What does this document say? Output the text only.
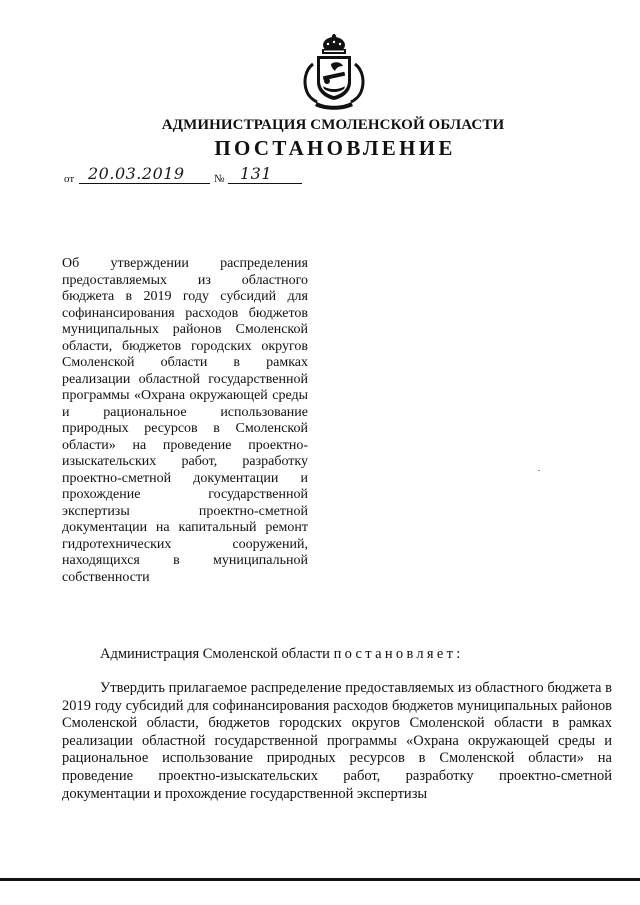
АДМИНИСТРАЦИЯ СМОЛЕНСКОЙ ОБЛАСТИ
ПОСТАНОВЛЕНИЕ
от 20.03.2019	№ 131
Об утверждении распределения предоставляемых из областного бюджета в 2019 году субсидий для софинансирования расходов бюджетов муниципальных районов Смоленской области, бюджетов городских округов Смоленской области в рамках реализации областной государственной программы «Охрана окружающей среды и рациональное использование природных ресурсов в Смоленской области» на проведение проектно-изыскательских работ, разработку проектно-сметной документации и прохождение государственной экспертизы проектно-сметной документации на капитальный ремонт гидротехнических сооружений, находящихся в муниципальной собственности
Администрация Смоленской области постановляет:
Утвердить прилагаемое распределение предоставляемых из областного бюджета в 2019 году субсидий для софинансирования расходов бюджетов муниципальных районов Смоленской области, бюджетов городских округов Смоленской области в рамках реализации областной государственной программы «Охрана окружающей среды и рациональное использование природных ресурсов в Смоленской области» на проведение проектно-изыскательских работ, разработку проектно-сметной документации и прохождение государственной экспертизы
